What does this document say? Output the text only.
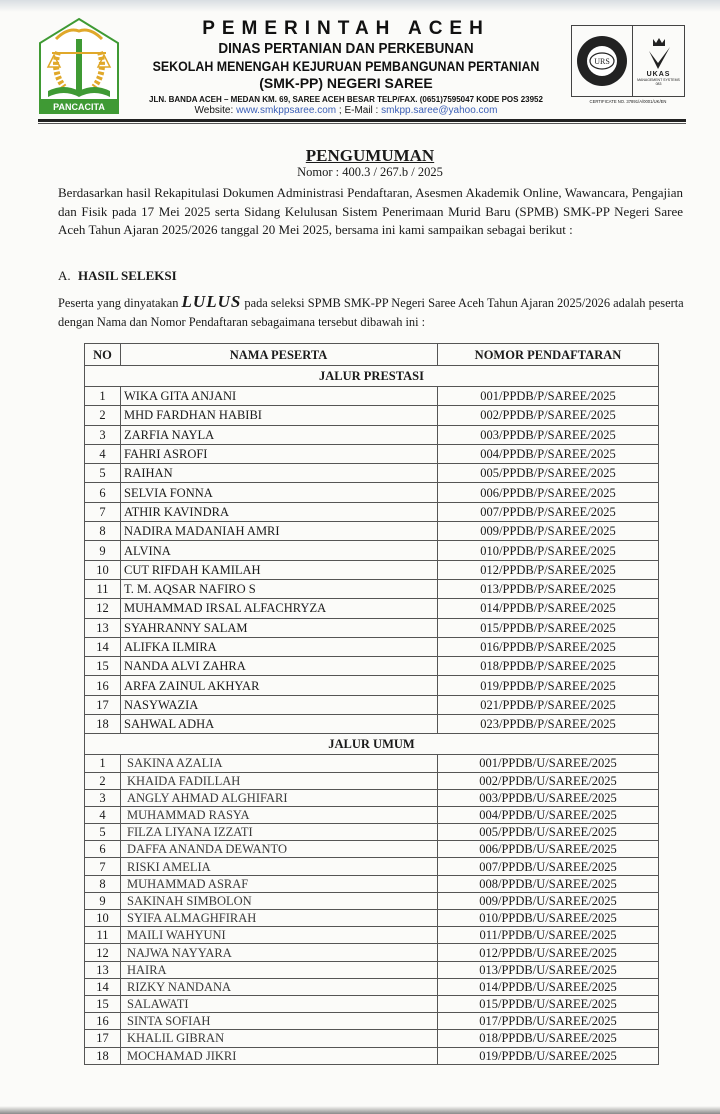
PANCACITA
PEMERINTAH ACEH
DINAS PERTANIAN DAN PERKEBUNAN
SEKOLAH MENENGAH KEJURUAN PEMBANGUNAN PERTANIAN
(SMK-PP) NEGERI SAREE
JLN. BANDA ACEH – MEDAN KM. 69, SAREE ACEH BESAR TELP/FAX. (0651)7595047 KODE POS 23952
Website: www.smkppsaree.com ; E-Mail : smkpp.saree@yahoo.com
URS
UKAS
MANAGEMENT SYSTEMS
083
CERTIFICATE NO. 37891/A/0001/UK/EN
PENGUMUMAN
Nomor : 400.3 / 267.b / 2025
Berdasarkan hasil Rekapitulasi Dokumen Administrasi Pendaftaran, Asesmen Akademik Online, Wawancara, Pengajian dan Fisik pada 17 Mei 2025 serta Sidang Kelulusan Sistem Penerimaan Murid Baru (SPMB) SMK-PP Negeri Saree Aceh Tahun Ajaran 2025/2026 tanggal 20 Mei 2025, bersama ini kami sampaikan sebagai berikut :
A. HASIL SELEKSI
Peserta yang dinyatakan LULUS pada seleksi SPMB SMK-PP Negeri Saree Aceh Tahun Ajaran 2025/2026 adalah peserta dengan Nama dan Nomor Pendaftaran sebagaimana tersebut dibawah ini :
NO	NAMA PESERTA	NOMOR PENDAFTARAN
JALUR PRESTASI		
1	WIKA GITA ANJANI	001/PPDB/P/SAREE/2025
2	MHD FARDHAN HABIBI	002/PPDB/P/SAREE/2025
3	ZARFIA NAYLA	003/PPDB/P/SAREE/2025
4	FAHRI ASROFI	004/PPDB/P/SAREE/2025
5	RAIHAN	005/PPDB/P/SAREE/2025
6	SELVIA FONNA	006/PPDB/P/SAREE/2025
7	ATHIR KAVINDRA	007/PPDB/P/SAREE/2025
8	NADIRA MADANIAH AMRI	009/PPDB/P/SAREE/2025
9	ALVINA	010/PPDB/P/SAREE/2025
10	CUT RIFDAH KAMILAH	012/PPDB/P/SAREE/2025
11	T. M. AQSAR NAFIRO S	013/PPDB/P/SAREE/2025
12	MUHAMMAD IRSAL ALFACHRYZA	014/PPDB/P/SAREE/2025
13	SYAHRANNY SALAM	015/PPDB/P/SAREE/2025
14	ALIFKA ILMIRA	016/PPDB/P/SAREE/2025
15	NANDA ALVI ZAHRA	018/PPDB/P/SAREE/2025
16	ARFA ZAINUL AKHYAR	019/PPDB/P/SAREE/2025
17	NASYWAZIA	021/PPDB/P/SAREE/2025
18	SAHWAL ADHA	023/PPDB/P/SAREE/2025
JALUR UMUM		
1	SAKINA AZALIA	001/PPDB/U/SAREE/2025
2	KHAIDA FADILLAH	002/PPDB/U/SAREE/2025
3	ANGLY AHMAD ALGHIFARI	003/PPDB/U/SAREE/2025
4	MUHAMMAD RASYA	004/PPDB/U/SAREE/2025
5	FILZA LIYANA IZZATI	005/PPDB/U/SAREE/2025
6	DAFFA ANANDA DEWANTO	006/PPDB/U/SAREE/2025
7	RISKI AMELIA	007/PPDB/U/SAREE/2025
8	MUHAMMAD ASRAF	008/PPDB/U/SAREE/2025
9	SAKINAH SIMBOLON	009/PPDB/U/SAREE/2025
10	SYIFA ALMAGHFIRAH	010/PPDB/U/SAREE/2025
11	MAILI WAHYUNI	011/PPDB/U/SAREE/2025
12	NAJWA NAYYARA	012/PPDB/U/SAREE/2025
13	HAIRA	013/PPDB/U/SAREE/2025
14	RIZKY NANDANA	014/PPDB/U/SAREE/2025
15	SALAWATI	015/PPDB/U/SAREE/2025
16	SINTA SOFIAH	017/PPDB/U/SAREE/2025
17	KHALIL GIBRAN	018/PPDB/U/SAREE/2025
18	MOCHAMAD JIKRI	019/PPDB/U/SAREE/2025
